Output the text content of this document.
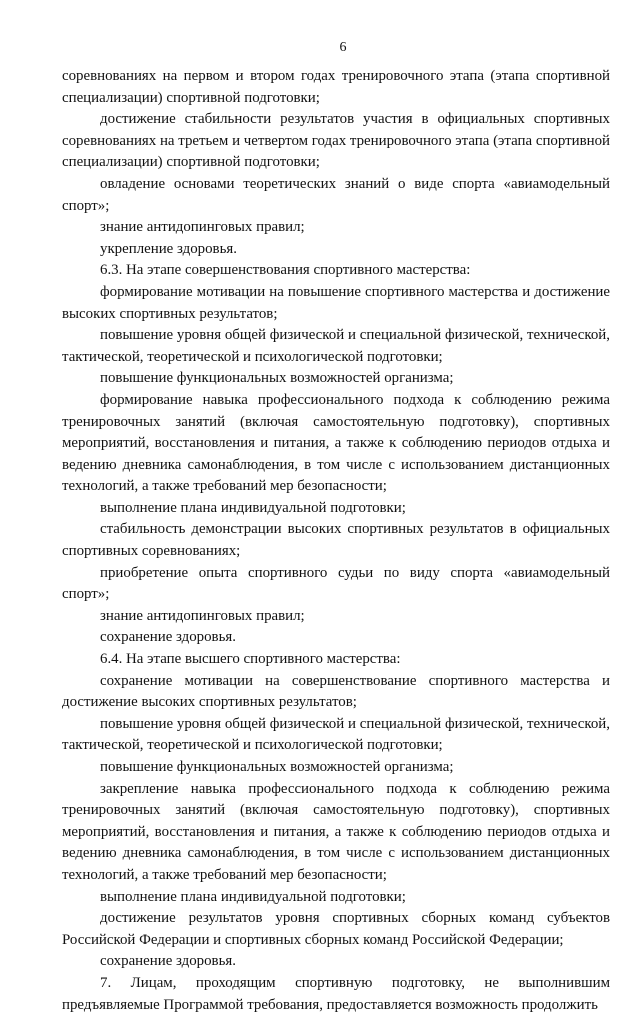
6

соревнованиях на первом и втором годах тренировочного этапа (этапа спортивной специализации) спортивной подготовки;

достижение стабильности результатов участия в официальных спортивных соревнованиях на третьем и четвертом годах тренировочного этапа (этапа спортивной специализации) спортивной подготовки;

овладение основами теоретических знаний о виде спорта «авиамодельный спорт»;

знание антидопинговых правил;

укрепление здоровья.

6.3. На этапе совершенствования спортивного мастерства:

формирование мотивации на повышение спортивного мастерства и достижение высоких спортивных результатов;

повышение уровня общей физической и специальной физической, технической, тактической, теоретической и психологической подготовки;

повышение функциональных возможностей организма;

формирование навыка профессионального подхода к соблюдению режима тренировочных занятий (включая самостоятельную подготовку), спортивных мероприятий, восстановления и питания, а также к соблюдению периодов отдыха и ведению дневника самонаблюдения, в том числе с использованием дистанционных технологий, а также требований мер безопасности;

выполнение плана индивидуальной подготовки;

стабильность демонстрации высоких спортивных результатов в официальных спортивных соревнованиях;

приобретение опыта спортивного судьи по виду спорта «авиамодельный спорт»;

знание антидопинговых правил;

сохранение здоровья.

6.4. На этапе высшего спортивного мастерства:

сохранение мотивации на совершенствование спортивного мастерства и достижение высоких спортивных результатов;

повышение уровня общей физической и специальной физической, технической, тактической, теоретической и психологической подготовки;

повышение функциональных возможностей организма;

закрепление навыка профессионального подхода к соблюдению режима тренировочных занятий (включая самостоятельную подготовку), спортивных мероприятий, восстановления и питания, а также к соблюдению периодов отдыха и ведению дневника самонаблюдения, в том числе с использованием дистанционных технологий, а также требований мер безопасности;

выполнение плана индивидуальной подготовки;

достижение результатов уровня спортивных сборных команд субъектов Российской Федерации и спортивных сборных команд Российской Федерации;

сохранение здоровья.

7. Лицам, проходящим спортивную подготовку, не выполнившим предъявляемые Программой требования, предоставляется возможность продолжить
